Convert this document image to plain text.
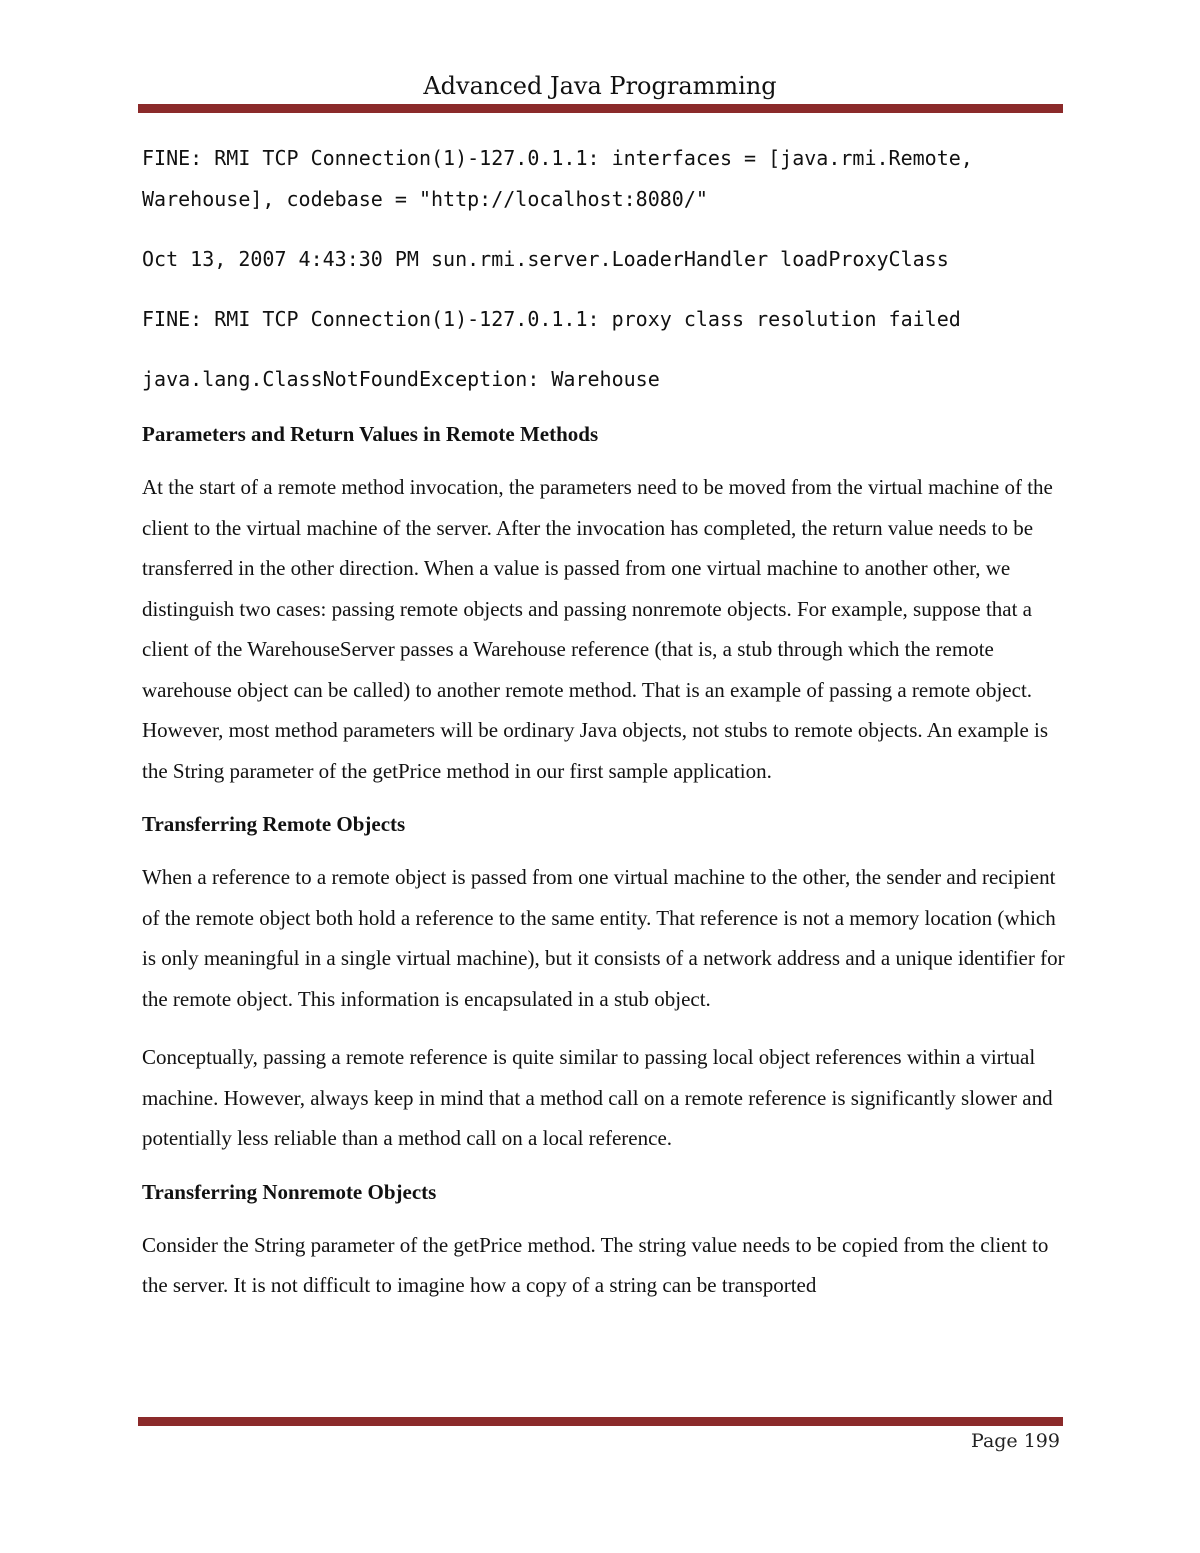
Advanced Java Programming
FINE: RMI TCP Connection(1)-127.0.1.1: interfaces = [java.rmi.Remote, Warehouse], codebase = "http://localhost:8080/"
Oct 13, 2007 4:43:30 PM sun.rmi.server.LoaderHandler loadProxyClass
FINE: RMI TCP Connection(1)-127.0.1.1: proxy class resolution failed
java.lang.ClassNotFoundException: Warehouse
Parameters and Return Values in Remote Methods
At the start of a remote method invocation, the parameters need to be moved from the virtual machine of the client to the virtual machine of the server. After the invocation has completed, the return value needs to be transferred in the other direction. When a value is passed from one virtual machine to another other, we distinguish two cases: passing remote objects and passing nonremote objects. For example, suppose that a client of the WarehouseServer passes a Warehouse reference (that is, a stub through which the remote warehouse object can be called) to another remote method. That is an example of passing a remote object. However, most method parameters will be ordinary Java objects, not stubs to remote objects. An example is the String parameter of the getPrice method in our first sample application.
Transferring Remote Objects
When a reference to a remote object is passed from one virtual machine to the other, the sender and recipient of the remote object both hold a reference to the same entity. That reference is not a memory location (which is only meaningful in a single virtual machine), but it consists of a network address and a unique identifier for the remote object. This information is encapsulated in a stub object.
Conceptually, passing a remote reference is quite similar to passing local object references within a virtual machine. However, always keep in mind that a method call on a remote reference is significantly slower and potentially less reliable than a method call on a local reference.
Transferring Nonremote Objects
Consider the String parameter of the getPrice method. The string value needs to be copied from the client to the server. It is not difficult to imagine how a copy of a string can be transported
Page 199
